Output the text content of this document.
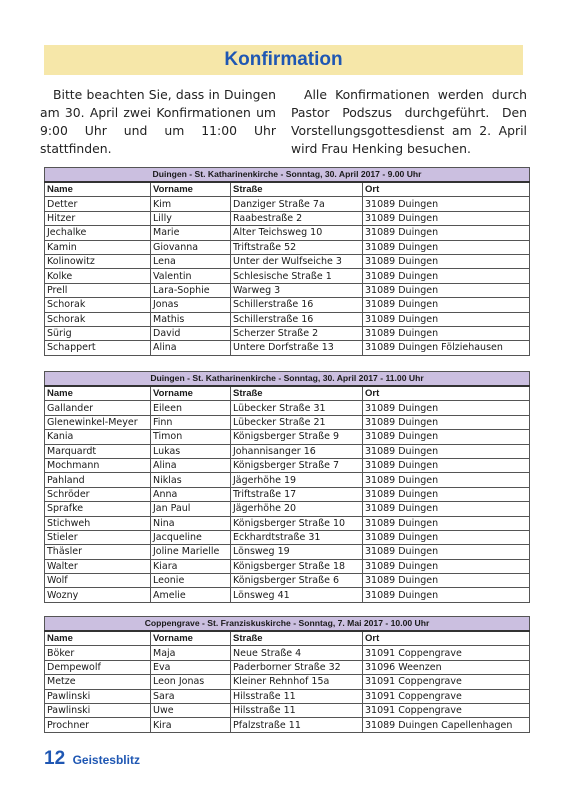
Konfirmation

Bitte beachten Sie, dass in Duingen am 30. April zwei Konfirmationen um 9:00 Uhr und um 11:00 Uhr stattfinden.

Alle Konfirmationen werden durch Pastor Podszus durchgeführt. Den Vorstellungsgottesdienst am 2. April wird Frau Henking besuchen.

Duingen - St. Katharinenkirche - Sonntag, 30. April 2017 - 9.00 Uhr			
Name	Vorname	Straße	Ort
Detter	Kim	Danziger Straße 7a	31089 Duingen
Hitzer	Lilly	Raabestraße 2	31089 Duingen
Jechalke	Marie	Alter Teichsweg 10	31089 Duingen
Kamin	Giovanna	Triftstraße 52	31089 Duingen
Kolinowitz	Lena	Unter der Wulfseiche 3	31089 Duingen
Kolke	Valentin	Schlesische Straße 1	31089 Duingen
Prell	Lara-Sophie	Warweg 3	31089 Duingen
Schorak	Jonas	Schillerstraße 16	31089 Duingen
Schorak	Mathis	Schillerstraße 16	31089 Duingen
Sürig	David	Scherzer Straße 2	31089 Duingen
Schappert	Alina	Untere Dorfstraße 13	31089 Duingen Fölziehausen
Duingen - St. Katharinenkirche - Sonntag, 30. April 2017 - 11.00 Uhr			
Name	Vorname	Straße	Ort
Gallander	Eileen	Lübecker Straße 31	31089 Duingen
Glenewinkel-Meyer	Finn	Lübecker Straße 21	31089 Duingen
Kania	Timon	Königsberger Straße 9	31089 Duingen
Marquardt	Lukas	Johannisanger 16	31089 Duingen
Mochmann	Alina	Königsberger Straße 7	31089 Duingen
Pahland	Niklas	Jägerhöhe 19	31089 Duingen
Schröder	Anna	Triftstraße 17	31089 Duingen
Sprafke	Jan Paul	Jägerhöhe 20	31089 Duingen
Stichweh	Nina	Königsberger Straße 10	31089 Duingen
Stieler	Jacqueline	Eckhardtstraße 31	31089 Duingen
Thäsler	Joline Marielle	Lönsweg 19	31089 Duingen
Walter	Kiara	Königsberger Straße 18	31089 Duingen
Wolf	Leonie	Königsberger Straße 6	31089 Duingen
Wozny	Amelie	Lönsweg 41	31089 Duingen
Coppengrave - St. Franziskuskirche - Sonntag, 7. Mai 2017 - 10.00 Uhr			
Name	Vorname	Straße	Ort
Böker	Maja	Neue Straße 4	31091 Coppengrave
Dempewolf	Eva	Paderborner Straße 32	31096 Weenzen
Metze	Leon Jonas	Kleiner Rehnhof 15a	31091 Coppengrave
Pawlinski	Sara	Hilsstraße 11	31091 Coppengrave
Pawlinski	Uwe	Hilsstraße 11	31091 Coppengrave
Prochner	Kira	Pfalzstraße 11	31089 Duingen Capellenhagen
12 Geistesblitz
